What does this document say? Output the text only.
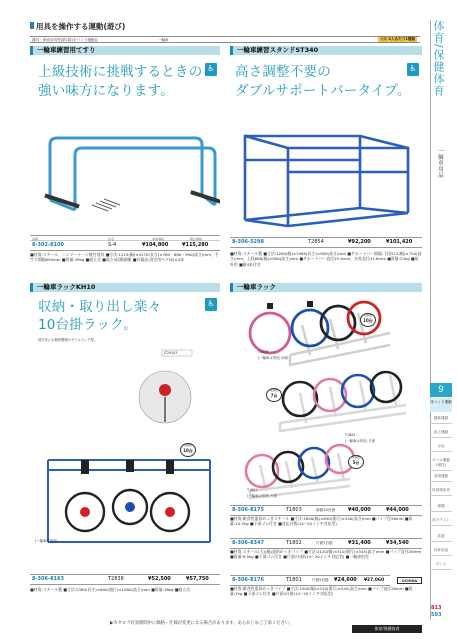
用具を操作する運動(遊び)
器具・家庭用具等[第1群(手づくり運動)]	一輪車	対象 2人あたり1種類
一輪車練習用てすり
上級技術に挑戦するときの
強い味方になります。
♿
品番	品名	本体価格	税込価格
8-302-8100	S-4	¥104,800	¥115,280
■材質:スチール、ハンマートーン焼付塗装 ■寸法:1219(幅)×4170(長さ)×760・880・990(高さ)mm、手すり間隔650mm ■質量:39kg ■組立式 ■高さ3段階調節 ■付属品:固定用ペグ(8)×4本
一輪車練習スタンドST340
高さ調整不要の
ダブルサポートバータイプ。
♿
8-306-5298	T2854	¥92,200	¥101,420
■材質:スチール製 ■寸法:1200(幅)×3460(長さ)×900(高さ)mm ■サポートバー間隔:下段512(幅)×750(高さ)mm、上段668(幅)×900(高さ)mm ■サポートバー直径25.4mm、支柱直径31.8mm ■質量:24kg ■屋外用 ■耐4本付き
一輪車ラックKH10
収納・取り出し楽々
10台掛ラック。
♿
低学年にも簡単整理のサドルフック型。
JT29203
(一輪車は別売)
収納数
10台
8-306-8163	T2838	¥52,500	¥57,750
■材質:スチール製 ■寸法:2360(長さ)×600(奥行)×1080(高さ)mm ■質量:18kg ■組立式
一輪車ラック
T1803
(一輪車は別売) 両面
T1802
(一輪車は別売) 片面
T1801
(一輪車は別売) 片面
収納数
10台
収納数
7台
収納数
5台
8-306-8175	T1803	両面10台掛	¥40,000	¥44,000
■材質:耐食性亜鉛めっきスチール ■寸法:1690(幅)×690(奥行)×540(高さ)mm ■パイプ径28mm ■質量:10.5kg ■下部ゴム付き ■対応台数(14~20インチ対応型)
8-306-8347	T1802	片面7台掛	¥31,400	¥34,540
■材質:スチール(大)(幅)亜鉛めっきパイプ ■寸法:2120(幅)×510(奥行)×545(高さ)mm ■パイプ直径28mm ■質量:9.5kg ■下部ゴム付き ■片面7台掛(14~20インチ対応型) ■一輪車別売
8-306-8176	T1801	片面5台掛 ¥24,600 ¥27,060
■材質:耐食性亜鉛めっきパイプ ■寸法:1500(幅)×510(奥行)×545(高さ)mm ■パイプ直径28mm ■質量:7kg ■下部ゴム付き ■片面5台掛(14~20インチ対応型)
UCHIDA
体育/保健体育
一輪車用品
9
体つくり運動
器械運動
陸上運動
水泳
ボール運動(球技)
表現運動
体育館用具
保健
体力テスト
武道
体育用品
ダンス
813
593
▶カタログ有効期間中に価格・仕様が変更になる場合があります。あらかじめご了承ください。
体育/保健体育
